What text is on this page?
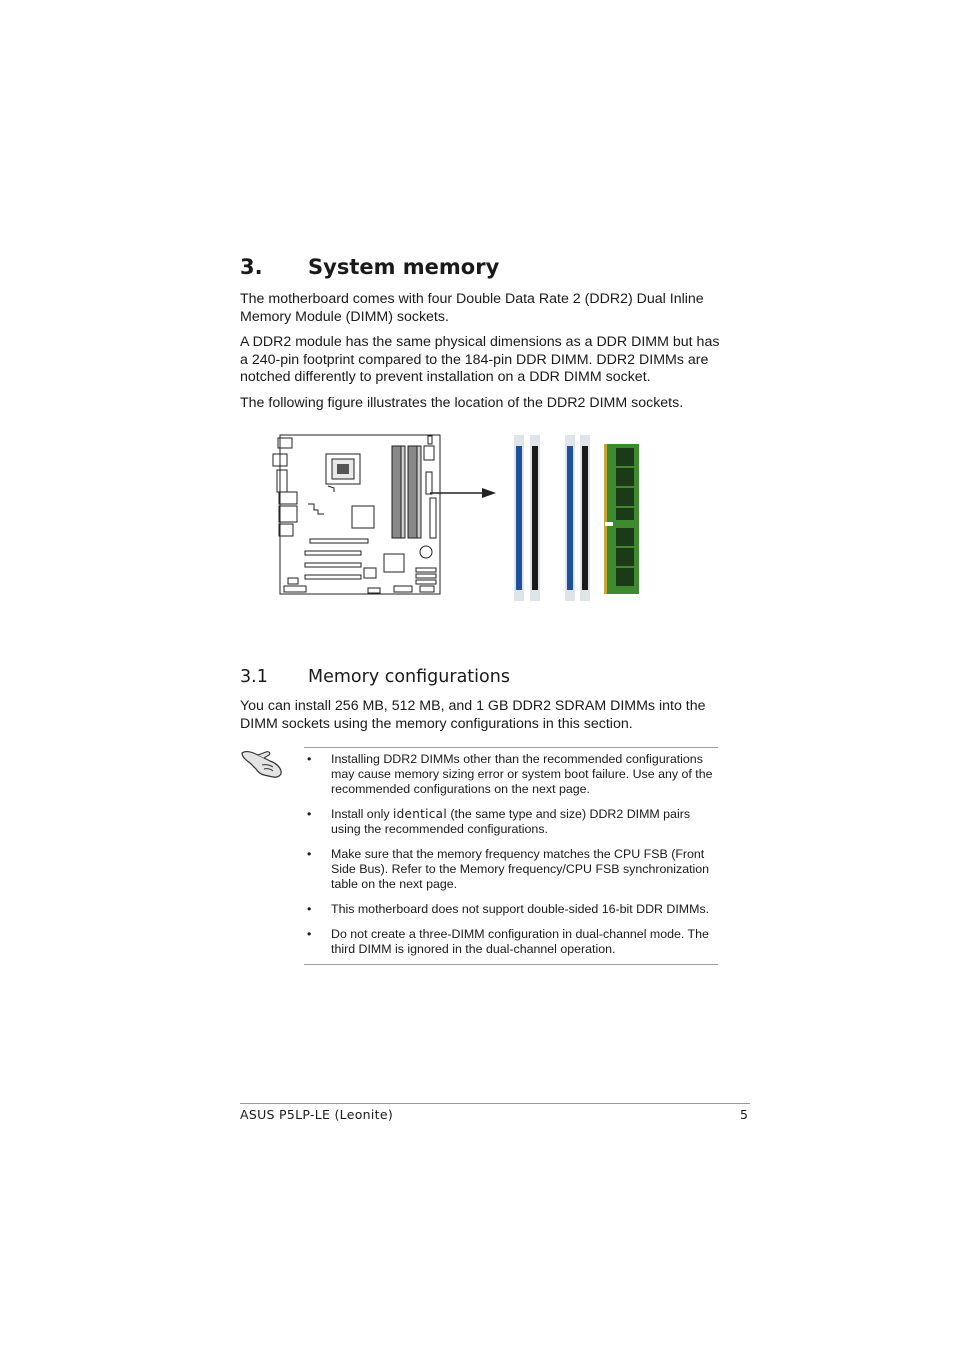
3. System memory

The motherboard comes with four Double Data Rate 2 (DDR2) Dual Inline Memory Module (DIMM) sockets.

A DDR2 module has the same physical dimensions as a DDR DIMM but has a 240-pin footprint compared to the 184-pin DDR DIMM. DDR2 DIMMs are notched differently to prevent installation on a DDR DIMM socket.

The following figure illustrates the location of the DDR2 DIMM sockets.

3.1 Memory configurations

You can install 256 MB, 512 MB, and 1 GB DDR2 SDRAM DIMMs into the DIMM sockets using the memory configurations in this section.

• Installing DDR2 DIMMs other than the recommended configurations may cause memory sizing error or system boot failure. Use any of the recommended configurations on the next page.
• Install only identical (the same type and size) DDR2 DIMM pairs using the recommended configurations.
• Make sure that the memory frequency matches the CPU FSB (Front Side Bus). Refer to the Memory frequency/CPU FSB synchronization table on the next page.
• This motherboard does not support double-sided 16-bit DDR DIMMs.
• Do not create a three-DIMM configuration in dual-channel mode. The third DIMM is ignored in the dual-channel operation.
ASUS P5LP-LE (Leonite)	5
